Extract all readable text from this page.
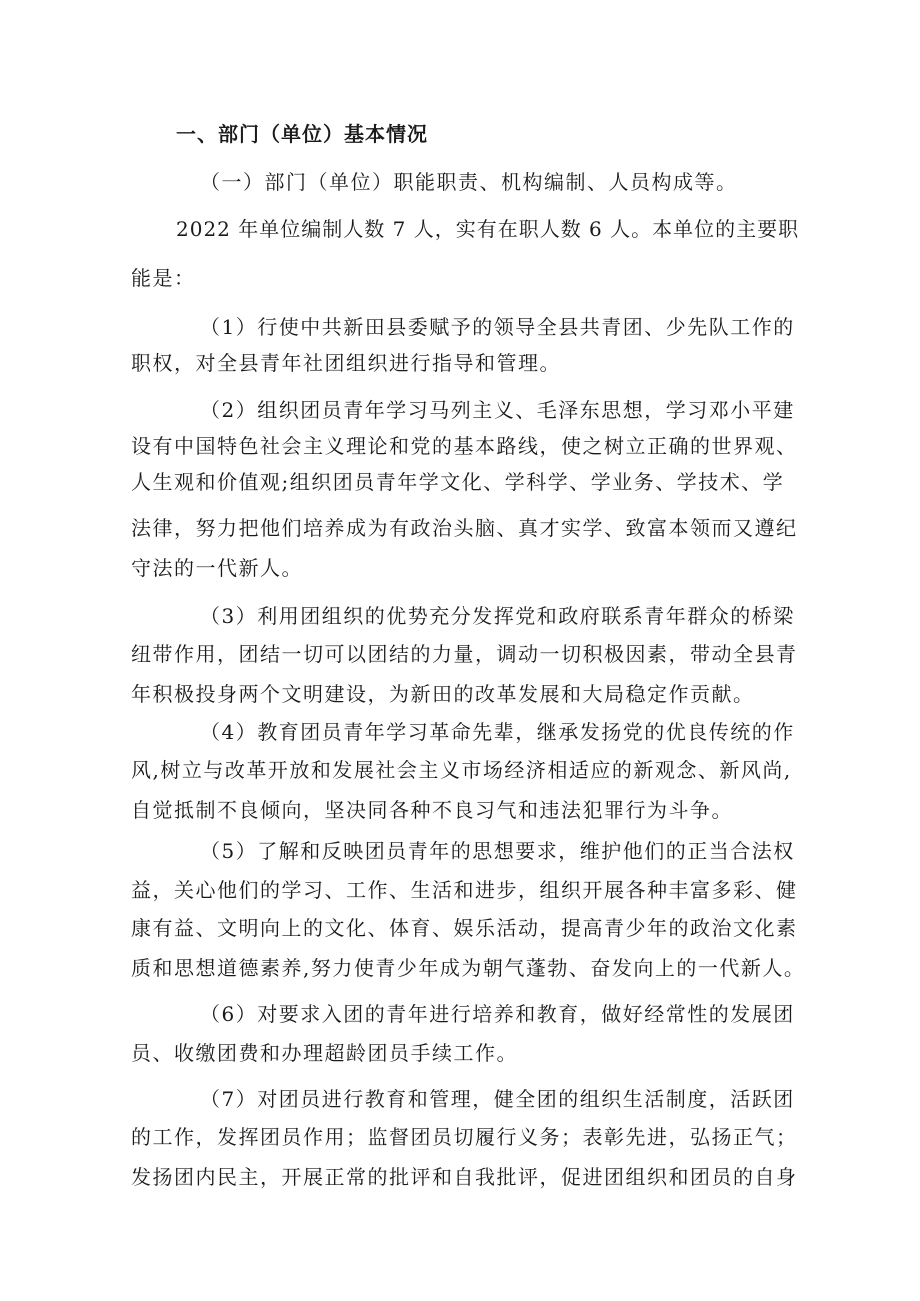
一、部门（单位）基本情况
（一）部门（单位）职能职责、机构编制、人员构成等。
2022 年单位编制人数 7 人，实有在职人数 6 人。本单位的主要职
能是：
（1）行使中共新田县委赋予的领导全县共青团、少先队工作的
职权，对全县青年社团组织进行指导和管理。
（2）组织团员青年学习马列主义、毛泽东思想，学习邓小平建
设有中国特色社会主义理论和党的基本路线，使之树立正确的世界观、
人生观和价值观;组织团员青年学文化、学科学、学业务、学技术、学
法律，努力把他们培养成为有政治头脑、真才实学、致富本领而又遵纪
守法的一代新人。
（3）利用团组织的优势充分发挥党和政府联系青年群众的桥梁
纽带作用，团结一切可以团结的力量，调动一切积极因素，带动全县青
年积极投身两个文明建设，为新田的改革发展和大局稳定作贡献。
（4）教育团员青年学习革命先辈，继承发扬党的优良传统的作
风,树立与改革开放和发展社会主义市场经济相适应的新观念、新风尚,
自觉抵制不良倾向，坚决同各种不良习气和违法犯罪行为斗争。
（5）了解和反映团员青年的思想要求，维护他们的正当合法权
益，关心他们的学习、工作、生活和进步，组织开展各种丰富多彩、健
康有益、文明向上的文化、体育、娱乐活动，提高青少年的政治文化素
质和思想道德素养,努力使青少年成为朝气蓬勃、奋发向上的一代新人。
（6）对要求入团的青年进行培养和教育，做好经常性的发展团
员、收缴团费和办理超龄团员手续工作。
（7）对团员进行教育和管理，健全团的组织生活制度，活跃团
的工作，发挥团员作用；监督团员切履行义务；表彰先进，弘扬正气；
发扬团内民主，开展正常的批评和自我批评，促进团组织和团员的自身
